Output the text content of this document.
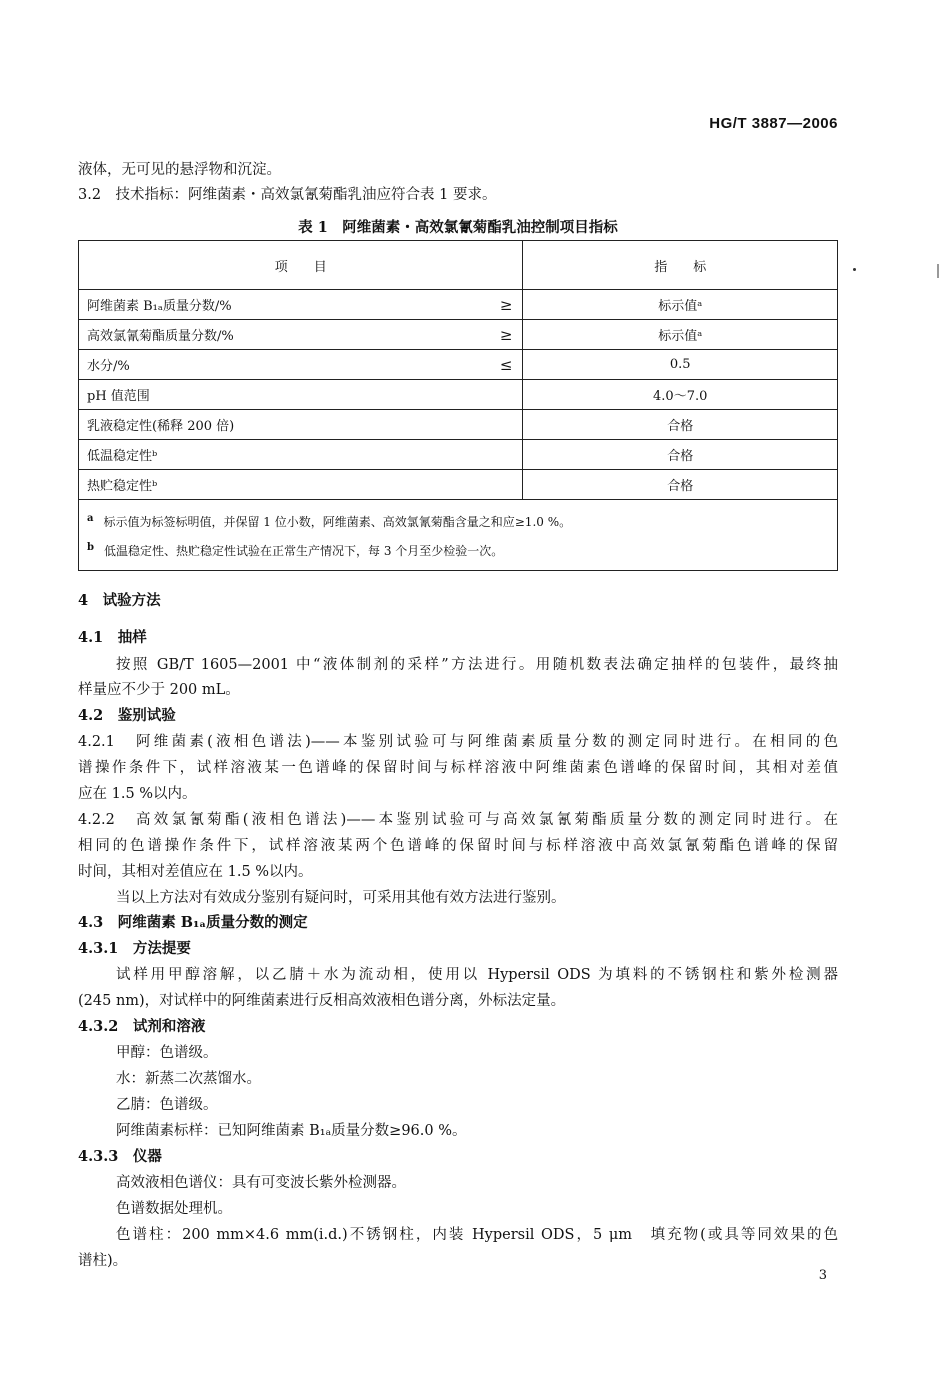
HG/T 3887—2006
液体，无可见的悬浮物和沉淀。
3.2　技术指标：阿维菌素・高效氯氰菊酯乳油应符合表 1 要求。
表 1　阿维菌素・高效氯氰菊酯乳油控制项目指标
项　　目	指　　标
阿维菌素 B₁ₐ质量分数/% ≥	标示值ᵃ
高效氯氰菊酯质量分数/% ≥	标示值ᵃ
水分/% ≤	0.5
pH 值范围	4.0～7.0
乳液稳定性(稀释 200 倍)	合格
低温稳定性ᵇ	合格
热贮稳定性ᵇ	合格

$^a$ 标示值为标签标明值，并保留 1 位小数，阿维菌素、高效氯氰菊酯含量之和应≥1.0 %。
$^b$ 低温稳定性、热贮稳定性试验在正常生产情况下，每 3 个月至少检验一次。	
4　试验方法
4.1　抽样
按照 GB/T 1605—2001 中“液体制剂的采样”方法进行。用随机数表法确定抽样的包装件，最终抽
样量应不少于 200 mL。
4.2　鉴别试验
4.2.1　阿维菌素(液相色谱法)——本鉴别试验可与阿维菌素质量分数的测定同时进行。在相同的色
谱操作条件下，试样溶液某一色谱峰的保留时间与标样溶液中阿维菌素色谱峰的保留时间，其相对差值
应在 1.5 %以内。
4.2.2　高效氯氰菊酯(液相色谱法)——本鉴别试验可与高效氯氰菊酯质量分数的测定同时进行。在
相同的色谱操作条件下，试样溶液某两个色谱峰的保留时间与标样溶液中高效氯氰菊酯色谱峰的保留
时间，其相对差值应在 1.5 %以内。
当以上方法对有效成分鉴别有疑问时，可采用其他有效方法进行鉴别。
4.3　阿维菌素 B₁ₐ质量分数的测定
4.3.1　方法提要
试样用甲醇溶解，以乙腈＋水为流动相，使用以 Hypersil ODS 为填料的不锈钢柱和紫外检测器
(245 nm)，对试样中的阿维菌素进行反相高效液相色谱分离，外标法定量。
4.3.2　试剂和溶液
甲醇：色谱级。
水：新蒸二次蒸馏水。
乙腈：色谱级。
阿维菌素标样：已知阿维菌素 B₁ₐ质量分数≥96.0 %。
4.3.3　仪器
高效液相色谱仪：具有可变波长紫外检测器。
色谱数据处理机。
色谱柱：200 mm×4.6 mm(i.d.)不锈钢柱，内装 Hypersil ODS，5 μm　填充物(或具等同效果的色
谱柱)。
3
